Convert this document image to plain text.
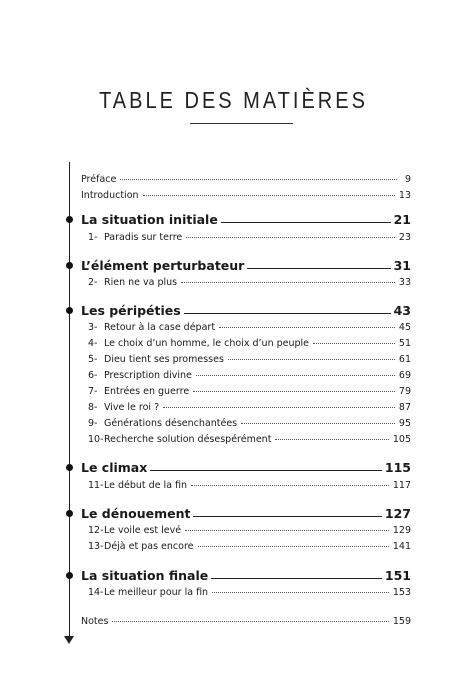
TABLE DES MATIÈRES
Préface	9
Introduction	13
La situation initiale	21
1- Paradis sur terre	23
L’élément perturbateur	31
2- Rien ne va plus	33
Les péripéties	43
3- Retour à la case départ	45
4- Le choix d’un homme, le choix d’un peuple	51
5- Dieu tient ses promesses	61
6- Prescription divine	69
7- Entrées en guerre	79
8- Vive le roi ?	87
9- Générations désenchantées	95
10- Recherche solution désespérément	105
Le climax	115
11- Le début de la fin	117
Le dénouement	127
12- Le voile est levé	129
13- Déjà et pas encore	141
La situation finale	151
14- Le meilleur pour la fin	153
Notes	159
